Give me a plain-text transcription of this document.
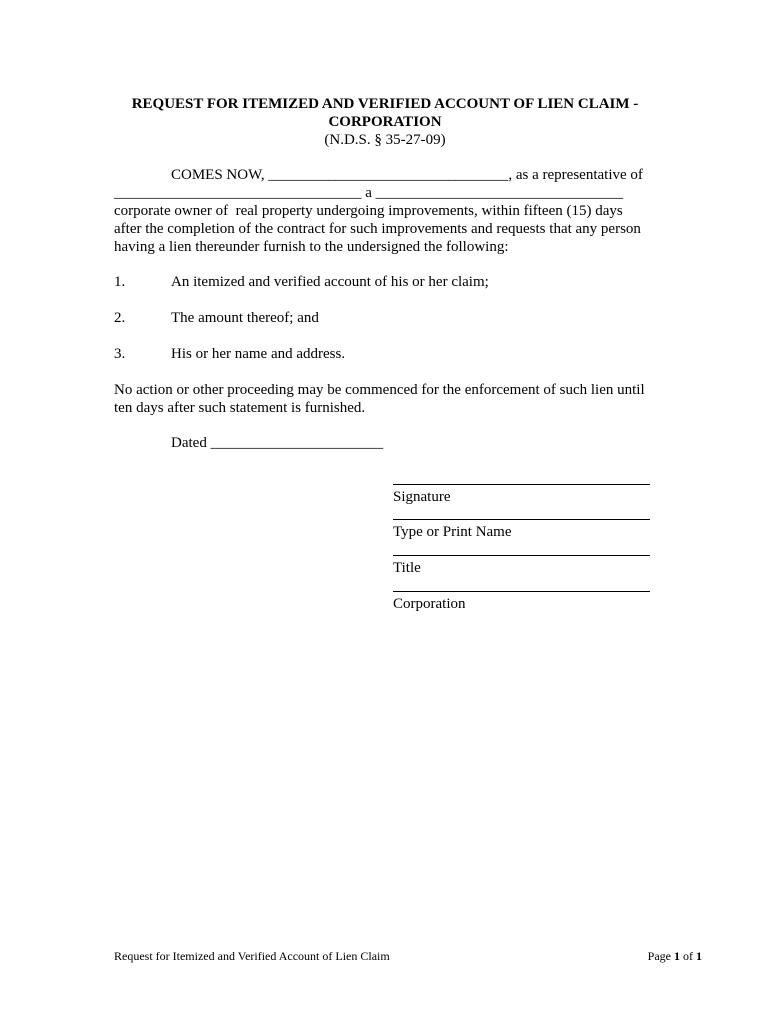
REQUEST FOR ITEMIZED AND VERIFIED ACCOUNT OF LIEN CLAIM -

CORPORATION

(N.D.S. § 35-27-09)

COMES NOW, ________________________________, as a representative of

_________________________________ a _________________________________

corporate owner of  real property undergoing improvements, within fifteen (15) days

after the completion of the contract for such improvements and requests that any person

having a lien thereunder furnish to the undersigned the following:

1.	An itemized and verified account of his or her claim;
2.	The amount thereof; and
3.	His or her name and address.

No action or other proceeding may be commenced for the enforcement of such lien until

ten days after such statement is furnished.

Dated _______________________

Signature
Type or Print Name
Title
Corporation
Request for Itemized and Verified Account of Lien Claim	Page 1 of 1
